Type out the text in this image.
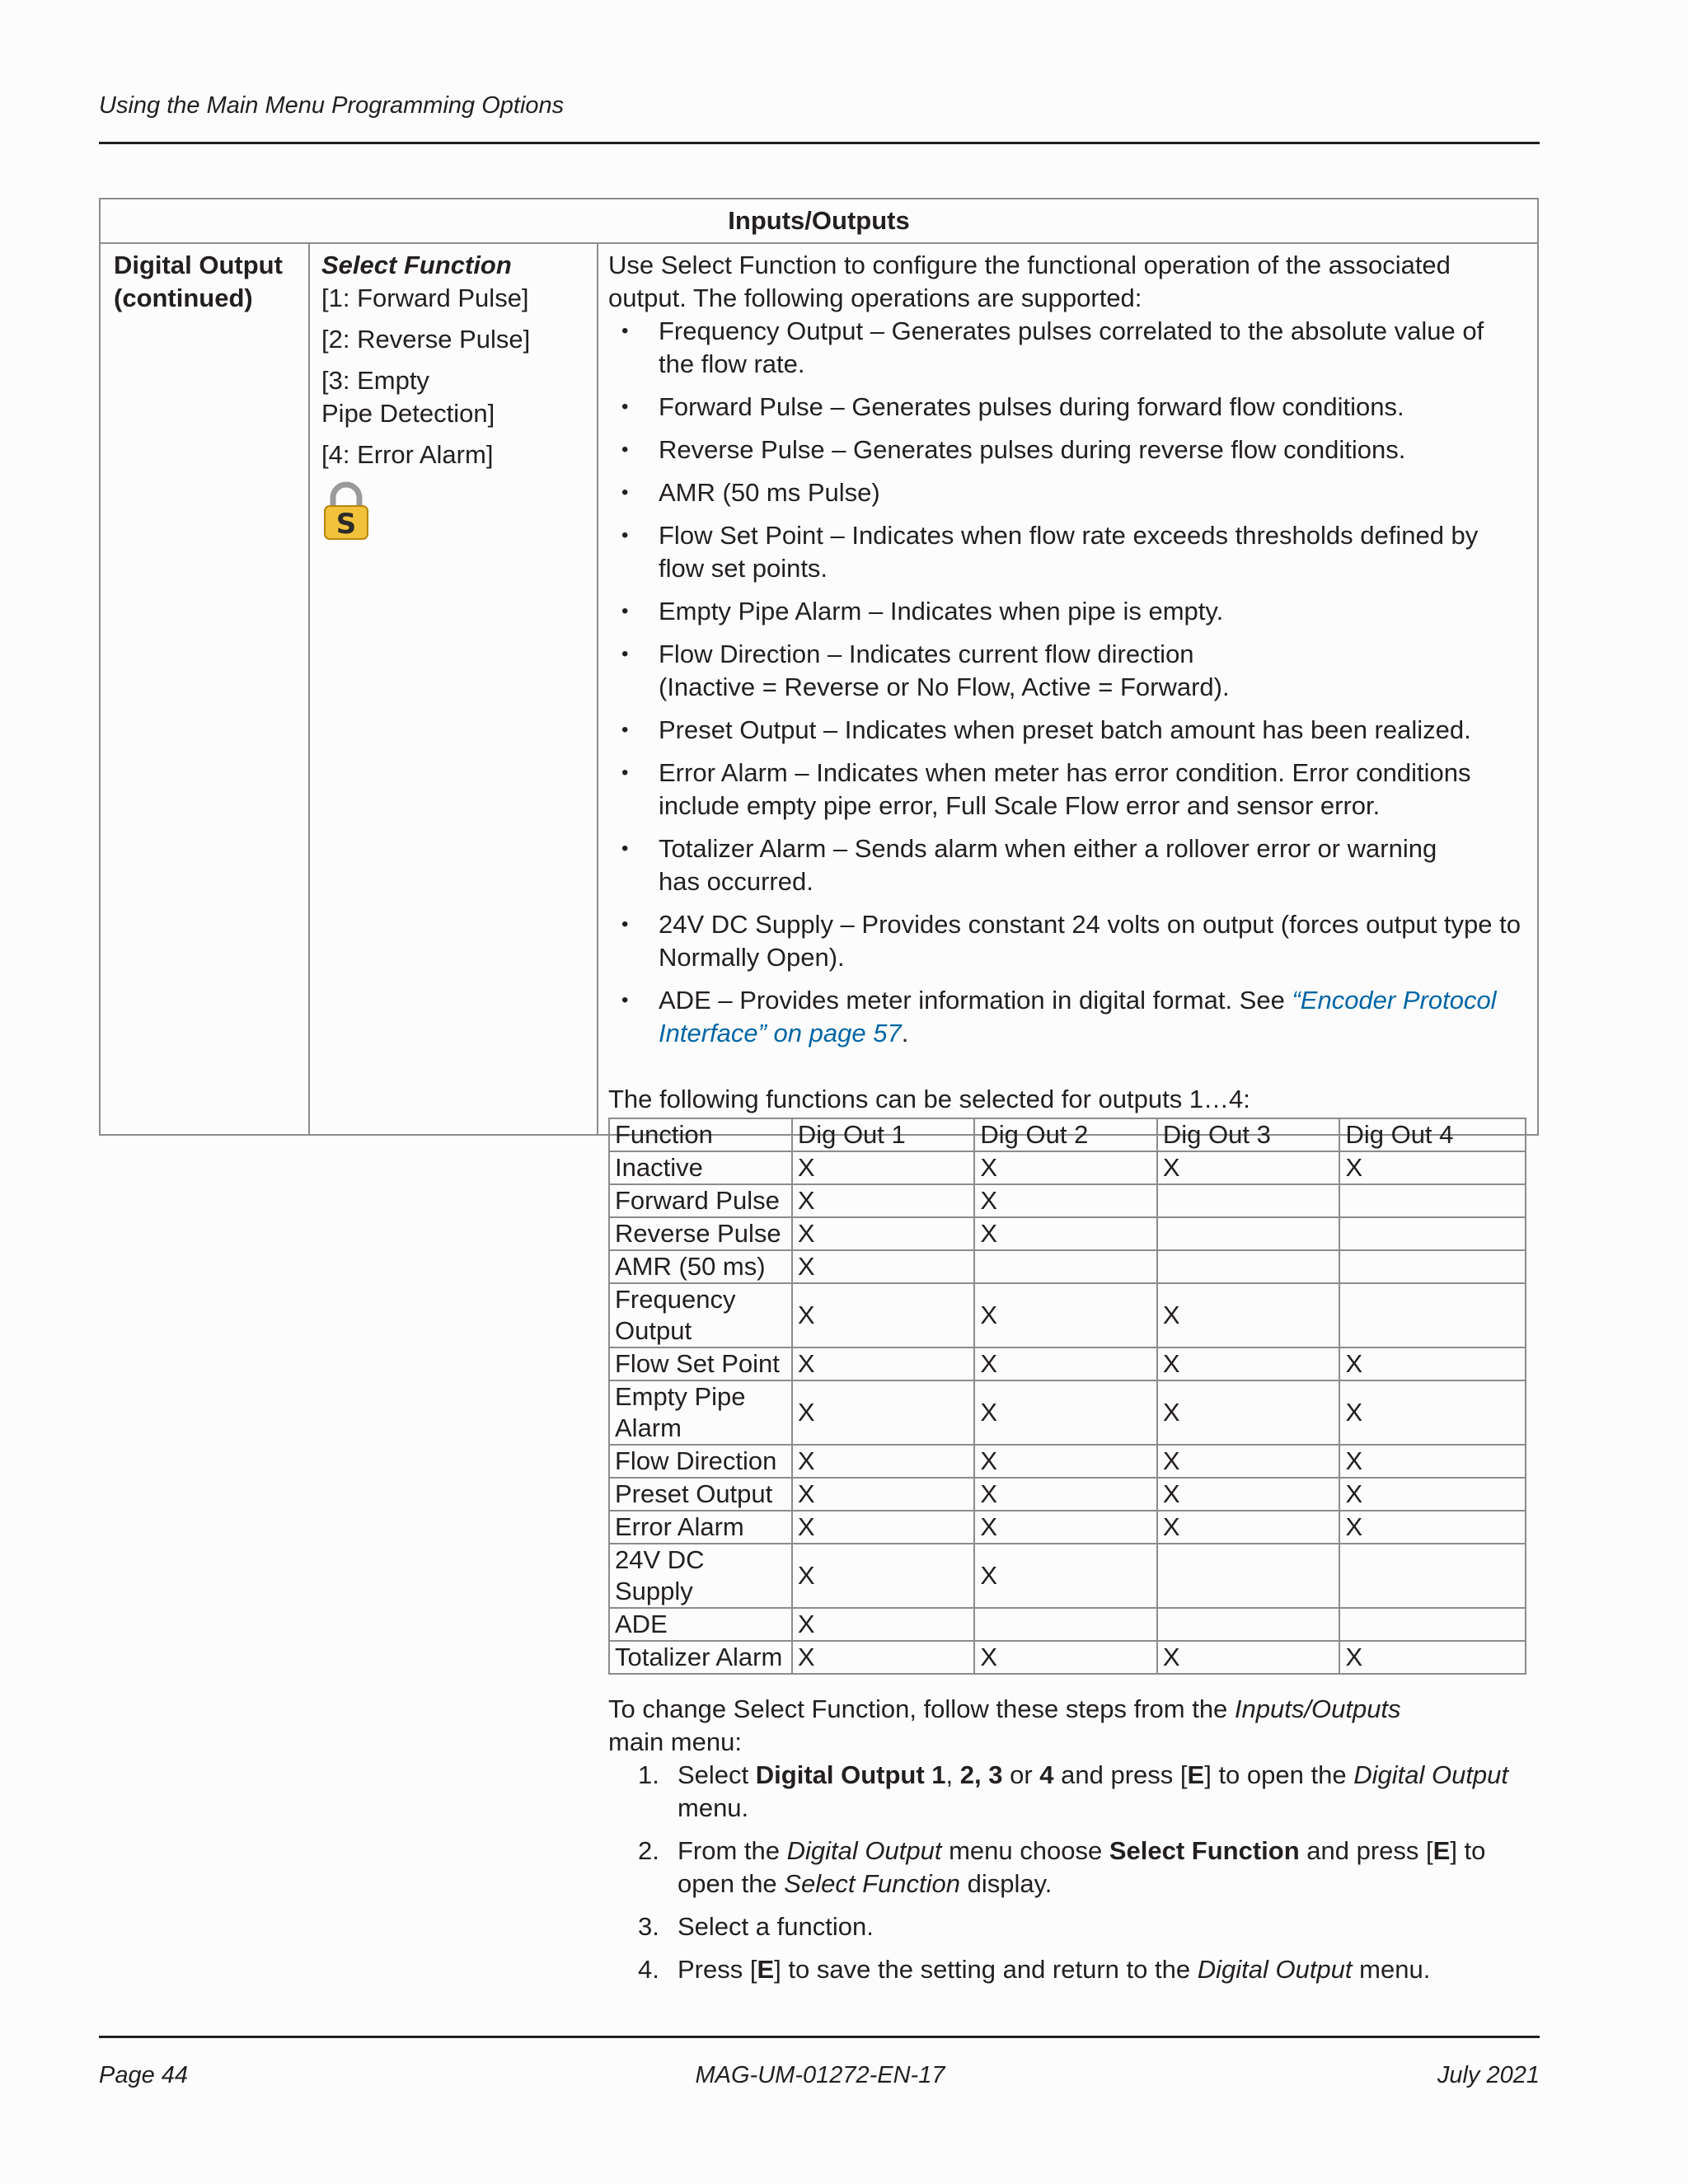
Using the Main Menu Programming Options
Inputs/Outputs
Digital Output
(continued)
Select Function
[1: Forward Pulse]
[2: Reverse Pulse]
[3: Empty
Pipe Detection]
[4: Error Alarm]
S

Use Select Function to configure the functional operation of the associated output. The following operations are supported:

• Frequency Output – Generates pulses correlated to the absolute value of the flow rate.
• Forward Pulse – Generates pulses during forward flow conditions.
• Reverse Pulse – Generates pulses during reverse flow conditions.
• AMR (50 ms Pulse)
• Flow Set Point – Indicates when flow rate exceeds thresholds defined by flow set points.
• Empty Pipe Alarm – Indicates when pipe is empty.
• Flow Direction – Indicates current flow direction
(Inactive = Reverse or No Flow, Active = Forward).
• Preset Output – Indicates when preset batch amount has been realized.
• Error Alarm – Indicates when meter has error condition. Error conditions include empty pipe error, Full Scale Flow error and sensor error.
• Totalizer Alarm – Sends alarm when either a rollover error or warning
has occurred.
• 24V DC Supply – Provides constant 24 volts on output (forces output type to Normally Open).
• ADE – Provides meter information in digital format. See “Encoder Protocol Interface” on page 57.

The following functions can be selected for outputs 1…4:

Function	Dig Out 1	Dig Out 2	Dig Out 3	Dig Out 4
Inactive	X	X	X	X
Forward Pulse	X	X		
Reverse Pulse	X	X		
AMR (50 ms)	X			
Frequency Output	X	X	X	
Flow Set Point	X	X	X	X
Empty Pipe Alarm	X	X	X	X
Flow Direction	X	X	X	X
Preset Output	X	X	X	X
Error Alarm	X	X	X	X
24V DC Supply	X	X		
ADE	X			
Totalizer Alarm	X	X	X	X

To change Select Function, follow these steps from the Inputs/Outputs
main menu:

1. Select Digital Output 1, 2, 3 or 4 and press [E] to open the Digital Output menu.
2. From the Digital Output menu choose Select Function and press [E] to open the Select Function display.
3. Select a function.
4. Press [E] to save the setting and return to the Digital Output menu.
Page 44	MAG-UM-01272-EN-17	July 2021
